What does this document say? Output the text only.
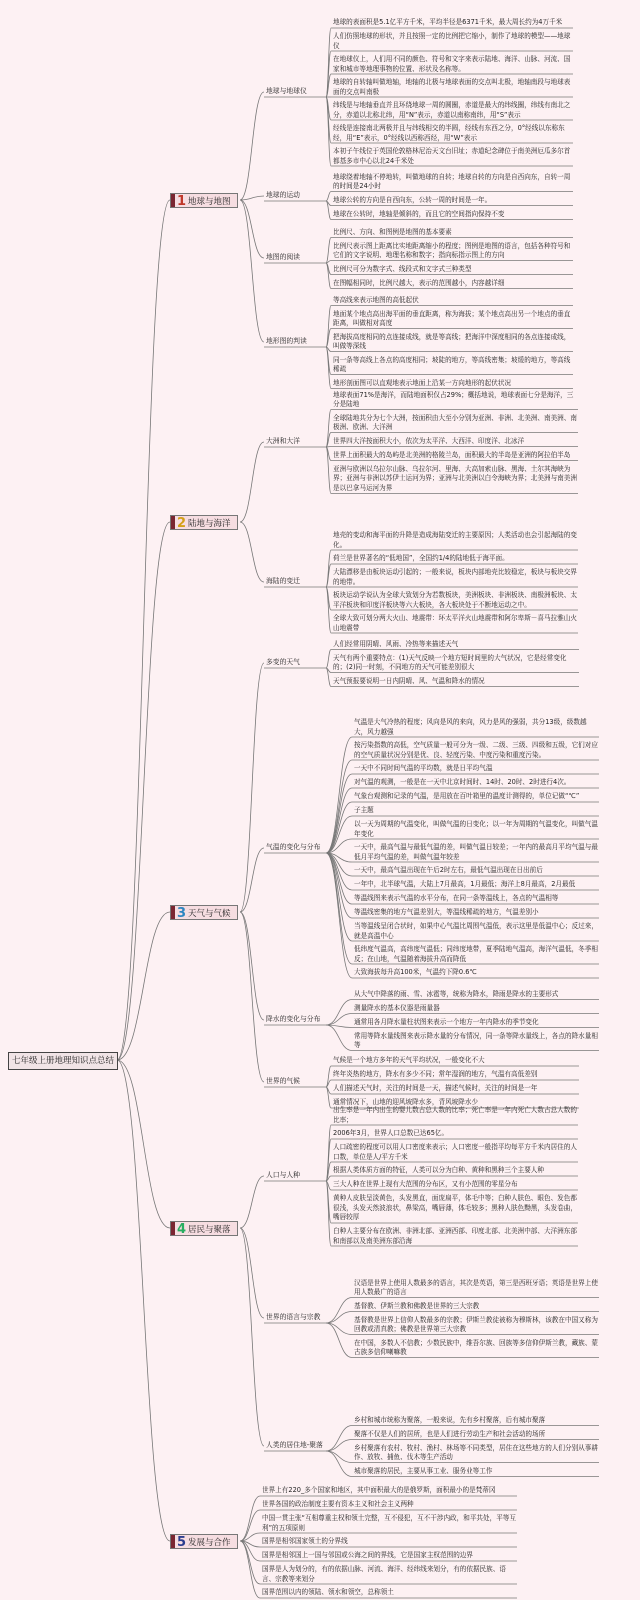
七年级上册地理知识点总结
1 地球与地图
地球与地球仪
地球的表面积是5.1亿平方千米，平均半径是6371千米，最大周长约为4万千米
人们仿照地球的形状，并且按照一定的比例把它缩小，制作了地球的模型——地球仪
在地球仪上，人们用不同的颜色、符号和文字来表示陆地、海洋、山脉、河流、国家和城市等地理事物的位置、形状及名称等。
地球的自转轴叫做地轴，地轴的北极与地球表面的交点叫北极，地轴南段与地球表面的交点叫南极
纬线是与地轴垂直并且环绕地球一周的圆圈，赤道是最大的纬线圈，纬线有南北之分，赤道以北称北纬，用“N”表示，赤道以南称南纬，用“S”表示
经线是连接南北两极并且与纬线相交的半圆，经线有东西之分，0°经线以东称东经，用“E”表示，0°经线以西称西经，用“W”表示
本初子午线位于英国伦敦格林尼治天文台旧址；赤道纪念碑位于南美洲厄瓜多尔首都基多市中心以北24千米处
地球的运动
地球绕着地轴不停地转，叫做地球的自转；地球自转的方向是自西向东，自转一周的时间是24小时
地球公转的方向是自西向东，公转一周的时间是一年。
地球在公转时，地轴是倾斜的，而且它的空间指向保持不变
地图的阅读
比例尺、方向、和图例是地图的基本要素
比例尺表示图上距离比实地距离缩小的程度；图例是地图的语言，包括各种符号和它们的文字说明、地理名称和数字；指向标指示图上的方向
比例尺可分为数字式、线段式和文字式三种类型
在图幅相同时，比例尺越大，表示的范围越小，内容越详细
地形图的判读
等高线来表示地图的高低起伏
地面某个地点高出海平面的垂直距离，称为海拔；某个地点高出另一个地点的垂直距离，叫做相对高度
把海拔高度相同的点连接成线，就是等高线；把海洋中深度相同的各点连接成线，叫做等深线
同一条等高线上各点的高度相同；坡陡的地方，等高线密集；坡缓的地方，等高线稀疏
地形剖面图可以直观地表示地面上沿某一方向地形的起伏状况
2 陆地与海洋
大洲和大洋
地球表面71%是海洋，而陆地面积仅占29%；概括地说，地球表面七分是海洋，三分是陆地
全球陆地共分为七个大洲，按面积由大至小分别为亚洲、非洲、北美洲、南美洲、南极洲、欧洲、大洋洲
世界四大洋按面积大小，依次为太平洋、大西洋、印度洋、北冰洋
世界上面积最大的岛屿是北美洲的格陵兰岛，面积最大的半岛是亚洲的阿拉伯半岛
亚洲与欧洲以乌拉尔山脉、乌拉尔河、里海、大高加索山脉、黑海、土尔其海峡为界；亚洲与非洲以苏伊士运河为界；亚洲与北美洲以白令海峡为界；北美洲与南美洲是以巴拿马运河为界
海陆的变迁
地壳的变动和海平面的升降是造成海陆变迁的主要原因；人类活动也会引起海陆的变化。
荷兰是世界著名的“低地国”，全国约1/4的陆地低于海平面。
大陆漂移是由板块运动引起的；一般来说，板块内部地壳比较稳定，板块与板块交界的地带。
板块运动学说认为全球大致划分为若数板块，美洲板块、非洲板块、南极洲板块、太平洋板块和印度洋板块等六大板块，各大板块处于不断地运动之中。
全球大致可划分两大火山、地震带：环太平洋火山地震带和阿尔卑斯－喜马拉雅山火山地震带
3 天气与气候
多变的天气
人们经常用阴晴、风雨、冷热等来描述天气
天气有两个重要特点：(1)天气反映一个地方短时间里的大气状况，它是经常变化的；(2)同一时刻，不同地方的天气可能差别很大
天气预报要说明一日内阴晴、风、气温和降水的情况
气温的变化与分布
气温是大气冷热的程度；风向是风的来向，风力是风的强弱，共分13级，级数越大，风力越强
按污染指数的高低，空气质量一般可分为一级、二级、三级、四级和五级，它们对应的空气质量状况分别是优、良、轻度污染、中度污染和重度污染。
一天中不同时间气温的平均数，就是日平均气温
对气温的观测，一般是在一天中北京时间时、14时、20时、2时进行4次。
气象台观测和记录的气温，是用放在百叶箱里的温度计测得的，单位记做“℃”
子主题
以一天为周期的气温变化，叫做气温的日变化；以一年为周期的气温变化，叫做气温年变化
一天中，最高气温与最低气温的差，叫做气温日较差；一年内的最高月平均气温与最低月平均气温的差，叫做气温年较差
一天中，最高气温出现在午后2时左右，最低气温出现在日出前后
一年中，北半球气温，大陆上7月最高，1月最低；海洋上8月最高，2月最低
等温线图来表示气温的水平分布，在同一条等温线上，各点的气温相等
等温线密集的地方气温差别大，等温线稀疏的地方，气温差别小
当等温线呈闭合状时，如果中心气温比周围气温低，表示这里是低温中心；反过来，就是高温中心
低纬度气温高，高纬度气温低；同纬度地带，夏季陆地气温高，海洋气温低，冬季相反；在山地，气温随着海拔升高而降低
大致海拔每升高100米，气温约下降0.6℃
降水的变化与分布
从大气中降落的雨、雪、冰雹等，统称为降水，降雨是降水的主要形式
测量降水的基本仪器是雨量器
通常用各月降水量柱状图来表示一个地方一年内降水的季节变化
常用等降水量线图来表示降水量的分布情况，同一条等降水量线上，各点的降水量相等
世界的气候
气候是一个地方多年的天气平均状况，一般变化不大
终年炎热的地方，降水有多少不同；常年湿润的地方，气温有高低差别
人们描述天气时，关注的时间是一天，描述气候时，关注的时间是一年
通常情况下，山地的迎风坡降水多，背风坡降水少
4 居民与聚落
人口与人种
出生率是一年内出生的婴儿数占总人数的比率；死亡率是一年内死亡人数占总人数的比率；
2006年3月，世界人口总数已达65亿。
人口疏密的程度可以用人口密度来表示；人口密度一般指平均每平方千米内居住的人口数，单位是人/平方千米
根据人类体质方面的特征，人类可以分为白种、黄种和黑种三个主要人种
三大人种在世界上现有大范围的分布区，又有小范围的零星分布
黄种人皮肤呈淡黄色，头发黑直，面庞扁平，体毛中等；白种人肤色、眼色、发色都很浅，头发天然波浪状，鼻梁高，嘴唇薄，体毛较多；黑种人肤色黝黑，头发卷曲，嘴唇较厚
白种人主要分布在欧洲、非洲北部、亚洲西部、印度北部、北美洲中部、大洋洲东部和南部以及南美洲东部沿海
世界的语言与宗教
汉语是世界上使用人数最多的语言，其次是英语，第三是西班牙语；英语是世界上使用人数最广的语言
基督教、伊斯兰教和佛教是世界的三大宗教
基督教是世界上信仰人数最多的宗教；伊斯兰教徒被称为穆斯林，该教在中国又称为回教或清真教；佛教是世界第三大宗教
在中国，多数人不信教；少数民族中，维吾尔族、回族等多信仰伊斯兰教，藏族、蒙古族多信仰喇嘛教
人类的居住地-聚落
乡村和城市统称为聚落，一般来说，先有乡村聚落，后有城市聚落
聚落不仅是人们的居所，也是人们进行劳动生产和社会活动的场所
乡村聚落有农村、牧村、渔村、林场等不同类型，居住在这些地方的人们分别从事耕作、放牧、捕鱼、伐木等生产活动
城市聚落的居民，主要从事工业、服务业等工作
5 发展与合作
世界上有220_多个国家和地区，其中面积最大的是俄罗斯，面积最小的是梵蒂冈
世界各国的政治制度主要有资本主义和社会主义两种
中国一贯主张“互相尊重主权和领土完整，互不侵犯，互不干涉内政，和平共处，平等互利”的五项原则
国界是相邻国家领土的分界线
国界是相邻国上一国与邻国或公海之间的界线，它是国家主权范围的边界
国界是人为划分的，有的依据山脉、河流、海洋、经纬线来划分，有的依据民族、语言、宗教等来划分
国界范围以内的领陆、领水和领空，总称领土
